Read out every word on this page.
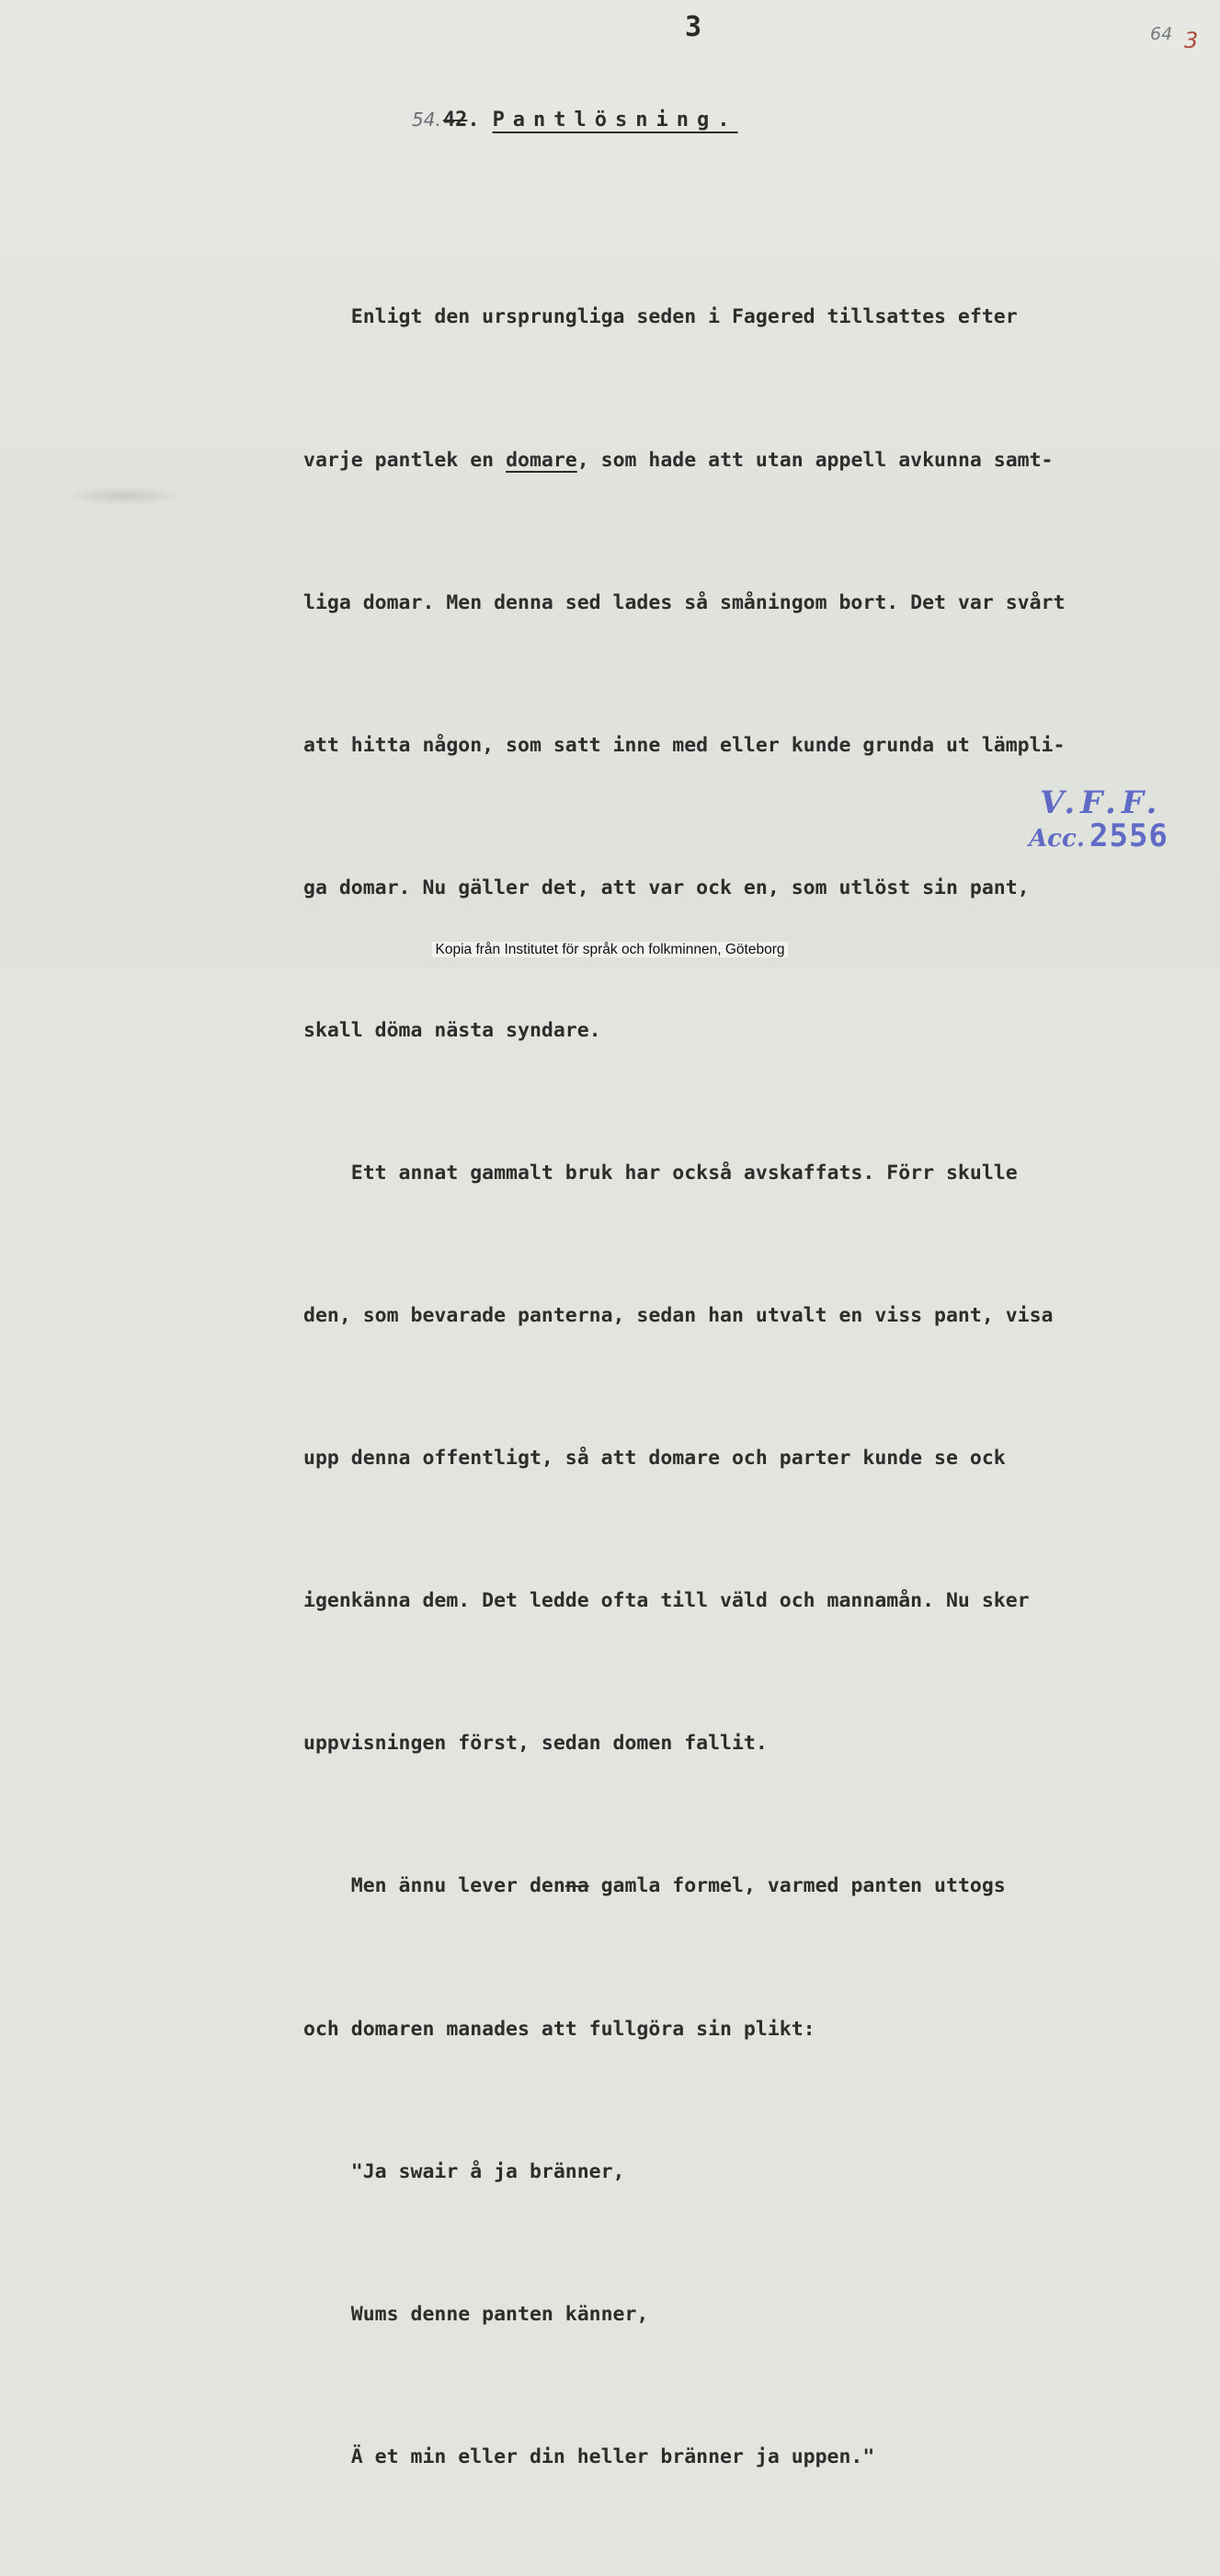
3	64 3
54.42. Pantlösning.

Enligt den ursprungliga seden i Fagered tillsattes efter

varje pantlek en domare, som hade att utan appell avkunna samt-

liga domar. Men denna sed lades så småningom bort. Det var svårt

att hitta någon, som satt inne med eller kunde grunda ut lämpli-

ga domar. Nu gäller det, att var ock en, som utlöst sin pant,

skall döma nästa syndare.

Ett annat gammalt bruk har också avskaffats. Förr skulle

den, som bevarade panterna, sedan han utvalt en viss pant, visa

upp denna offentligt, så att domare och parter kunde se ock

igenkänna dem. Det ledde ofta till väld och mannamån. Nu sker

uppvisningen först, sedan domen fallit.

Men ännu lever denna gamla formel, varmed panten uttogs

och domaren manades att fullgöra sin plikt:

"Ja swair å ja bränner,

Wums denne panten känner,

Ä et min eller din heller bränner ja uppen."

V.F.F.
Acc. 2556
Kopia från Institutet för språk och folkminnen, Göteborg
